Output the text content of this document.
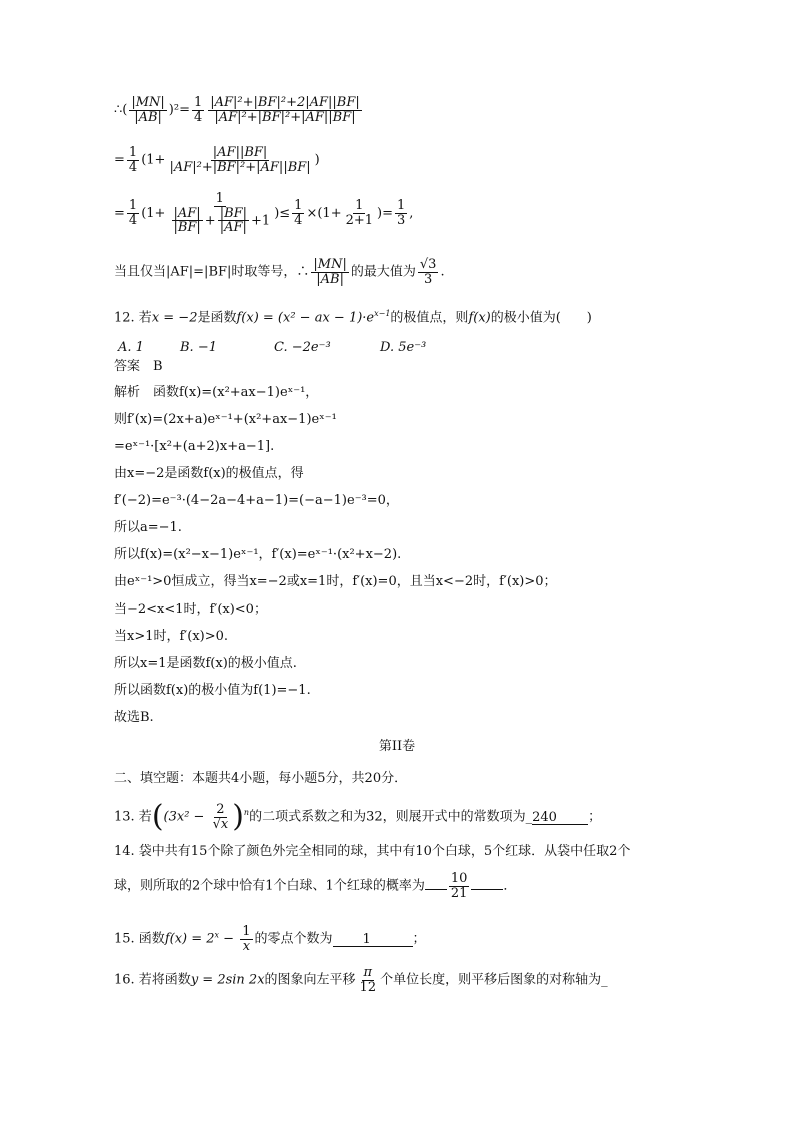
∴( $\frac{|MN|}{|AB|} )^2= \frac{1}{4} \frac{\text{|AF|²+|BF|²+2|AF||BF|}}{\text{|AF|²+|BF|²+|AF||BF|}}$
= $\frac{1}{4} (1+ \frac{|AF||BF|}{\text{|AF|²+|BF|²+|AF||BF|}}$ )
= $\frac{1}{4} (1+ \frac{1}{\frac{|AF|}{|BF|} + \frac{|BF|}{|AF|} +1}$ )≤ $\frac{1}{4} \times(1+ \frac{1}{2+1}$ )= $\frac{1}{3}$ ,
当且仅当|AF|=|BF|时取等号，∴ $\frac{|MN|}{|AB|}$ 的最大值为 $\frac{√3}{3}$ .
12. 若x = −2是函数f(x) = (x² − ax − $1)\cdot e^{x-1}$的极值点，则f(x)的极小值为(　　)
A. 1	B. −1	C. −2e⁻³	D. 5e⁻³
答案　B
解析　函数f(x)=(x²+ax−1)eˣ⁻¹，
则f′(x)=(2x+a)eˣ⁻¹+(x²+ax−1)eˣ⁻¹
=eˣ⁻¹·[x²+(a+2)x+a−1].
由x=−2是函数f(x)的极值点，得
f′(−2)=e⁻³·(4−2a−4+a−1)=(−a−1)e⁻³=0，
所以a=−1.
所以f(x)=(x²−x−1)eˣ⁻¹，f′(x)=eˣ⁻¹·(x²+x−2).
由eˣ⁻¹>0恒成立，得当x=−2或x=1时，f′(x)=0，且当x<−2时，f′(x)>0；
当−2<x<1时，f′(x)<0；
当x>1时，f′(x)>0.
所以x=1是函数f(x)的极小值点.
所以函数f(x)的极小值为f(1)=−1.
故选B.
第II卷
二、填空题：本题共4小题，每小题5分，共20分．
13. 若($(3x^2 - \frac{2}{√x} )^n$的二项式系数之和为32，则展开式中的常数项为_240 ；
14. 袋中共有15个除了颜色外完全相同的球，其中有10个白球，5个红球．从袋中任取2个
球，则所取的2个球中恰有1个白球、1个红球的概率为 $\frac{10}{21}$	．
15. 函数$f(x) = 2^x - \frac{1}{x}$ 的零点个数为 1	；
16. 若将函数y = 2sin 2x的图象向左平移 $\frac{\pi}{12}$ 个单位长度，则平移后图象的对称轴为_
